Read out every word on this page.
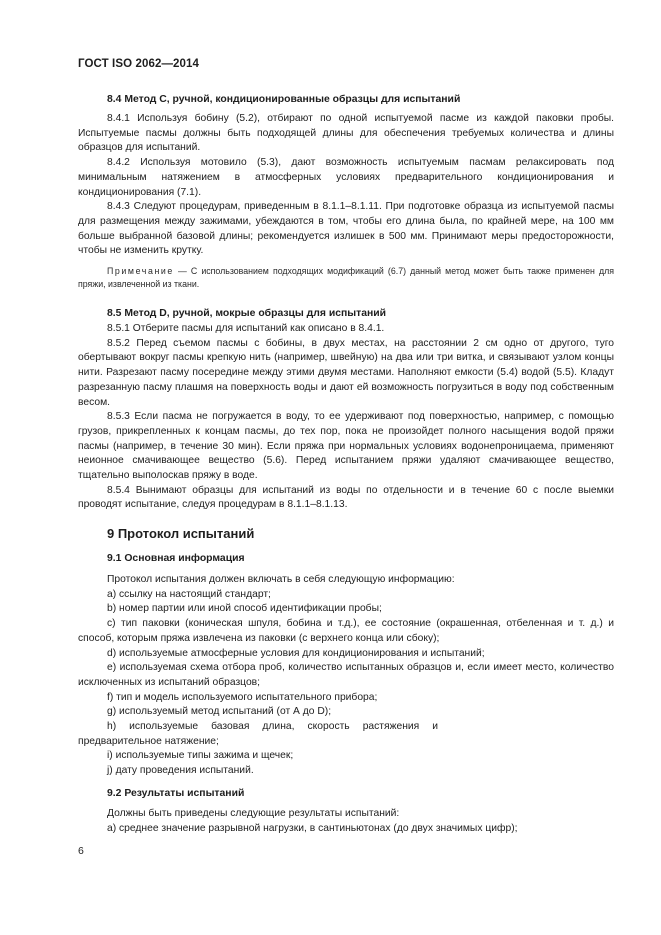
ГОСТ ISO 2062—2014
8.4 Метод С, ручной, кондиционированные образцы для испытаний

8.4.1 Используя бобину (5.2), отбирают по одной испытуемой пасме из каждой паковки пробы. Испытуемые пасмы должны быть подходящей длины для обеспечения требуемых количества и длины образцов для испытаний.

8.4.2 Используя мотовило (5.3), дают возможность испытуемым пасмам релаксировать под минимальным натяжением в атмосферных условиях предварительного кондиционирования и кондиционирования (7.1).

8.4.3 Следуют процедурам, приведенным в 8.1.1–8.1.11. При подготовке образца из испытуемой пасмы для размещения между зажимами, убеждаются в том, чтобы его длина была, по крайней мере, на 100 мм больше выбранной базовой длины; рекомендуется излишек в 500 мм. Принимают меры предосторожности, чтобы не изменить крутку.

Примечание — С использованием подходящих модификаций (6.7) данный метод может быть также применен для пряжи, извлеченной из ткани.

8.5 Метод D, ручной, мокрые образцы для испытаний

8.5.1 Отберите пасмы для испытаний как описано в 8.4.1.

8.5.2 Перед съемом пасмы с бобины, в двух местах, на расстоянии 2 см одно от другого, туго обертывают вокруг пасмы крепкую нить (например, швейную) на два или три витка, и связывают узлом концы нити. Разрезают пасму посередине между этими двумя местами. Наполняют емкости (5.4) водой (5.5). Кладут разрезанную пасму плашмя на поверхность воды и дают ей возможность погрузиться в воду под собственным весом.

8.5.3 Если пасма не погружается в воду, то ее удерживают под поверхностью, например, с помощью грузов, прикрепленных к концам пасмы, до тех пор, пока не произойдет полного насыщения водой пряжи пасмы (например, в течение 30 мин). Если пряжа при нормальных условиях водонепроницаема, применяют неионное смачивающее вещество (5.6). Перед испытанием пряжи удаляют смачивающее вещество, тщательно выполоскав пряжу в воде.

8.5.4 Вынимают образцы для испытаний из воды по отдельности и в течение 60 с после выемки проводят испытание, следуя процедурам в 8.1.1–8.1.13.

9 Протокол испытаний
9.1 Основная информация

Протокол испытания должен включать в себя следующую информацию:

а) ссылку на настоящий стандарт;

b) номер партии или иной способ идентификации пробы;

с) тип паковки (коническая шпуля, бобина и т.д.), ее состояние (окрашенная, отбеленная и т. д.) и способ, которым пряжа извлечена из паковки (с верхнего конца или сбоку);

d) используемые атмосферные условия для кондиционирования и испытаний;

е) используемая схема отбора проб, количество испытанных образцов и, если имеет место, количество исключенных из испытаний образцов;

f) тип и модель используемого испытательного прибора;

g) используемый метод испытаний (от А до D);

h) используемые базовая длина, скорость растяжения и предварительное натяжение;

i) используемые типы зажима и щечек;

j) дату проведения испытаний.

9.2 Результаты испытаний

Должны быть приведены следующие результаты испытаний:

а) среднее значение разрывной нагрузки, в сантиньютонах (до двух значимых цифр);

6
